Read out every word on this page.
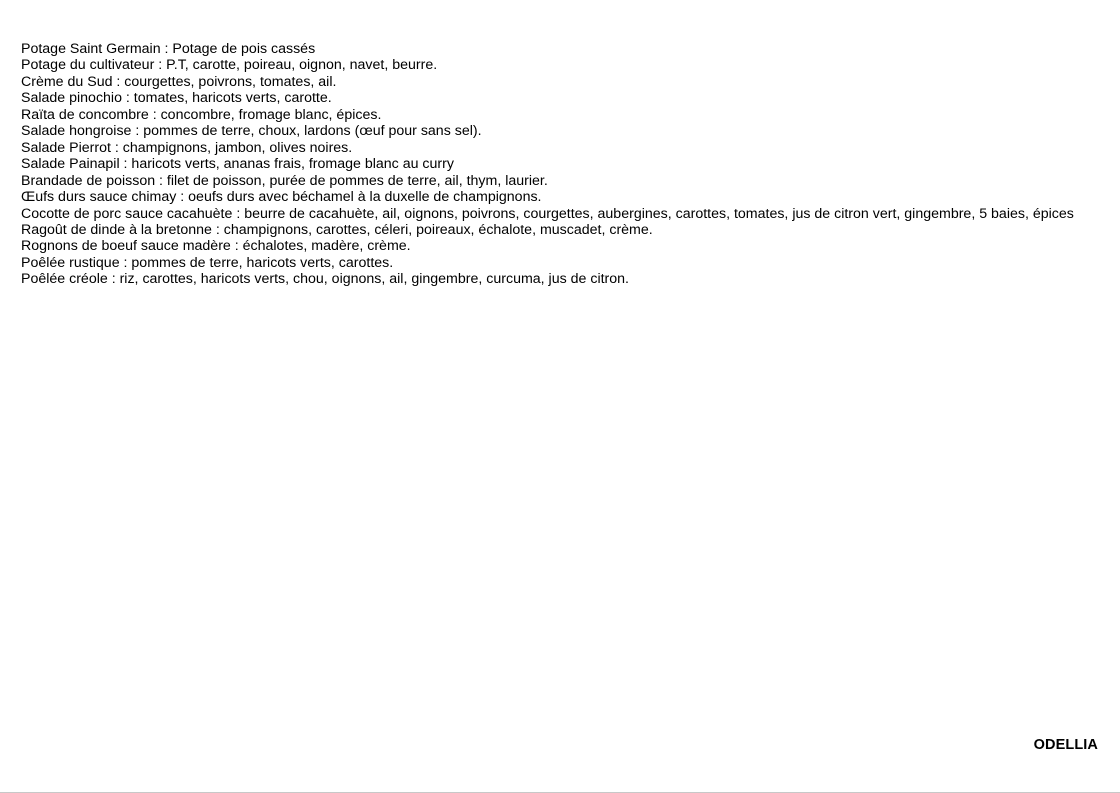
Potage Saint Germain : Potage de pois cassés
Potage du cultivateur : P.T, carotte, poireau, oignon, navet, beurre.
Crème du Sud : courgettes, poivrons, tomates, ail.
Salade pinochio : tomates, haricots verts, carotte.
Raïta de concombre : concombre, fromage blanc, épices.
Salade hongroise : pommes de terre, choux, lardons (œuf pour sans sel).
Salade Pierrot : champignons, jambon, olives noires.
Salade Painapil : haricots verts, ananas frais, fromage blanc au curry
Brandade de poisson : filet de poisson, purée de pommes de terre, ail, thym, laurier.
Œufs durs sauce chimay : oeufs durs avec béchamel à la duxelle de champignons.
Cocotte de porc sauce cacahuète : beurre de cacahuète, ail, oignons, poivrons, courgettes, aubergines, carottes, tomates, jus de citron vert, gingembre, 5 baies, épices
Ragoût de dinde à la bretonne : champignons, carottes, céleri, poireaux, échalote, muscadet, crème.
Rognons de boeuf sauce madère : échalotes, madère, crème.
Poêlée rustique : pommes de terre, haricots verts, carottes.
Poêlée créole : riz, carottes, haricots verts, chou, oignons, ail, gingembre, curcuma, jus de citron.
ODELLIA
